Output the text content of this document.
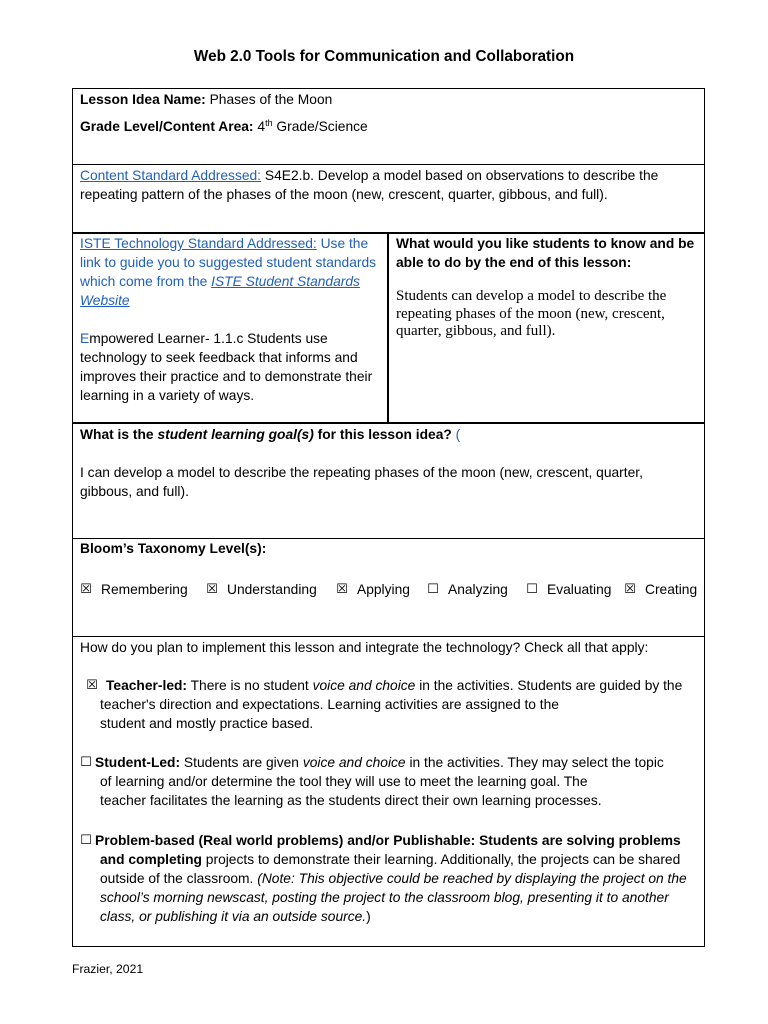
Web 2.0 Tools for Communication and Collaboration
Lesson Idea Name: Phases of the Moon
Grade Level/Content Area: 4th Grade/Science
Content Standard Addressed: S4E2.b. Develop a model based on observations to describe the
repeating pattern of the phases of the moon (new, crescent, quarter, gibbous, and full).
ISTE Technology Standard Addressed: Use the
link to guide you to suggested student standards
which come from the ISTE Student Standards
Website
Empowered Learner- 1.1.c Students use
technology to seek feedback that informs and
improves their practice and to demonstrate their
learning in a variety of ways.
What would you like students to know and be
able to do by the end of this lesson:
Students can develop a model to describe the
repeating phases of the moon (new, crescent,
quarter, gibbous, and full).
What is the student learning goal(s) for this lesson idea? (
I can develop a model to describe the repeating phases of the moon (new, crescent, quarter,
gibbous, and full).
Bloom’s Taxonomy Level(s):
☒ Remembering ☒ Understanding ☒ Applying ☐ Analyzing ☐ Evaluating ☒ Creating
How do you plan to implement this lesson and integrate the technology? Check all that apply:
☒ Teacher-led: There is no student voice and choice in the activities. Students are guided by the
teacher's direction and expectations. Learning activities are assigned to the
student and mostly practice based.
☐ Student-Led: Students are given voice and choice in the activities. They may select the topic
of learning and/or determine the tool they will use to meet the learning goal. The
teacher facilitates the learning as the students direct their own learning processes.
☐ Problem-based (Real world problems) and/or Publishable: Students are solving problems
and completing projects to demonstrate their learning. Additionally, the projects can be shared
outside of the classroom. (Note: This objective could be reached by displaying the project on the
school’s morning newscast, posting the project to the classroom blog, presenting it to another
class, or publishing it via an outside source.)
Frazier, 2021
